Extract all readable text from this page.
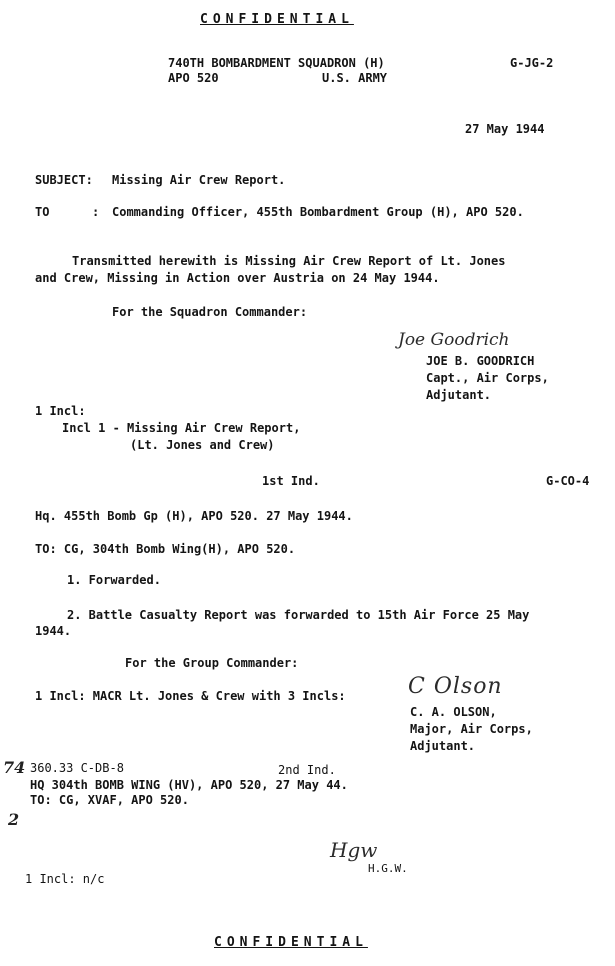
CONFIDENTIAL
740TH BOMBARDMENT SQUADRON (H)
APO 520	U.S. ARMY
G-JG-2
27 May 1944
SUBJECT: Missing Air Crew Report.
TO	: Commanding Officer, 455th Bombardment Group (H), APO 520.
Transmitted herewith is Missing Air Crew Report of Lt. Jones
and Crew, Missing in Action over Austria on 24 May 1944.
For the Squadron Commander:
Joe Goodrich
JOE B. GOODRICH
Capt., Air Corps,
Adjutant.
1 Incl:
Incl 1 - Missing Air Crew Report,
(Lt. Jones and Crew)
1st Ind.	G-CO-4
Hq. 455th Bomb Gp (H), APO 520. 27 May 1944.
TO: CG, 304th Bomb Wing(H), APO 520.
1. Forwarded.
2. Battle Casualty Report was forwarded to 15th Air Force 25 May
1944.
For the Group Commander:
1 Incl: MACR Lt. Jones & Crew with 3 Incls:	C Olson
C. A. OLSON,
Major, Air Corps,
Adjutant.
74 360.33 C-DB-8	2nd Ind.
HQ 304th BOMB WING (HV), APO 520, 27 May 44.
TO: CG, XVAF, APO 520.
2
Hgw
H.G.W.
1 Incl: n/c
CONFIDENTIAL
